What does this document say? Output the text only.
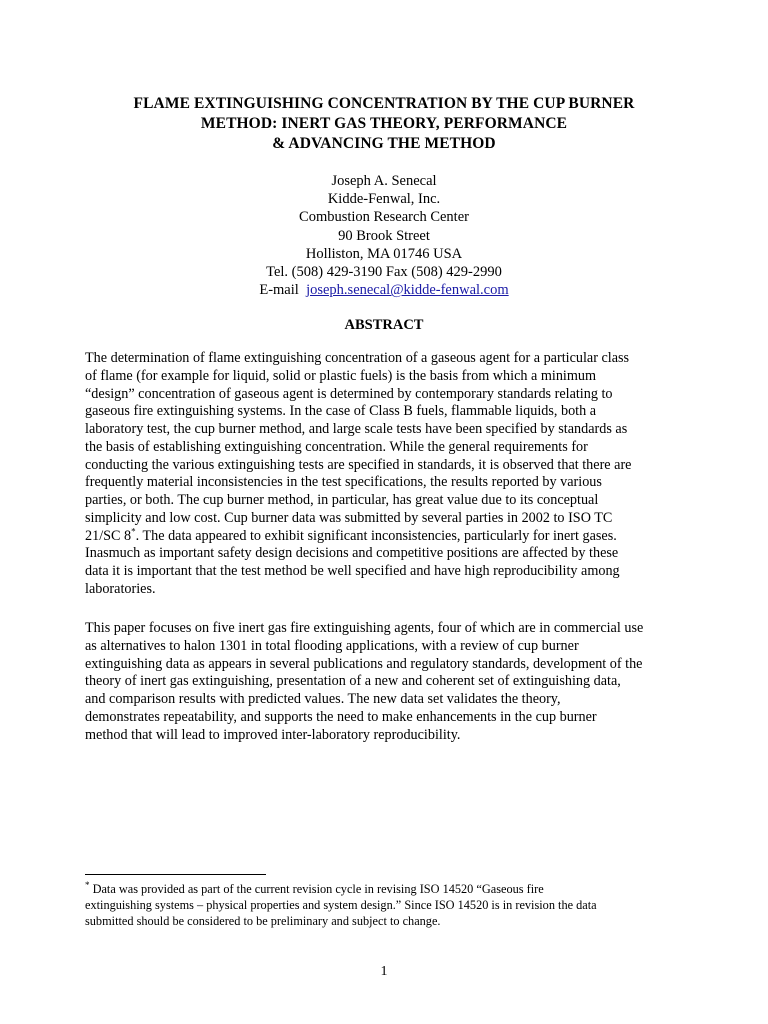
FLAME EXTINGUISHING CONCENTRATION BY THE CUP BURNER
METHOD: INERT GAS THEORY, PERFORMANCE
& ADVANCING THE METHOD
Joseph A. Senecal
Kidde-Fenwal, Inc.
Combustion Research Center
90 Brook Street
Holliston, MA 01746 USA
Tel. (508) 429-3190 Fax (508) 429-2990
E-mail joseph.senecal@kidde-fenwal.com
ABSTRACT
The determination of flame extinguishing concentration of a gaseous agent for a particular class
of flame (for example for liquid, solid or plastic fuels) is the basis from which a minimum
“design” concentration of gaseous agent is determined by contemporary standards relating to
gaseous fire extinguishing systems. In the case of Class B fuels, flammable liquids, both a
laboratory test, the cup burner method, and large scale tests have been specified by standards as
the basis of establishing extinguishing concentration. While the general requirements for
conducting the various extinguishing tests are specified in standards, it is observed that there are
frequently material inconsistencies in the test specifications, the results reported by various
parties, or both. The cup burner method, in particular, has great value due to its conceptual
simplicity and low cost. Cup burner data was submitted by several parties in 2002 to ISO TC
21/SC 8*. The data appeared to exhibit significant inconsistencies, particularly for inert gases.
Inasmuch as important safety design decisions and competitive positions are affected by these
data it is important that the test method be well specified and have high reproducibility among
laboratories.
This paper focuses on five inert gas fire extinguishing agents, four of which are in commercial use
as alternatives to halon 1301 in total flooding applications, with a review of cup burner
extinguishing data as appears in several publications and regulatory standards, development of the
theory of inert gas extinguishing, presentation of a new and coherent set of extinguishing data,
and comparison results with predicted values. The new data set validates the theory,
demonstrates repeatability, and supports the need to make enhancements in the cup burner
method that will lead to improved inter-laboratory reproducibility.
* Data was provided as part of the current revision cycle in revising ISO 14520 “Gaseous fire
extinguishing systems – physical properties and system design.” Since ISO 14520 is in revision the data
submitted should be considered to be preliminary and subject to change.
1
